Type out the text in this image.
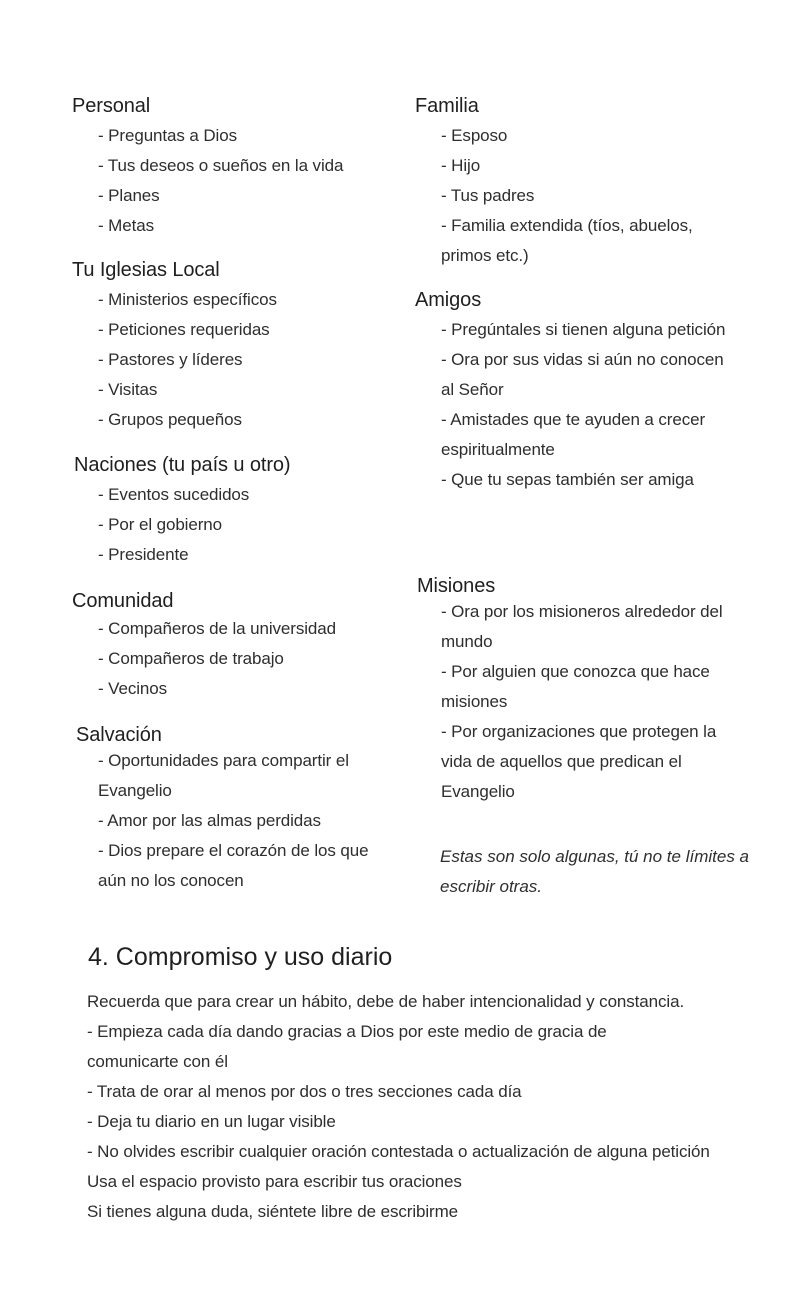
Personal
- Preguntas a Dios
- Tus deseos o sueños en la vida
- Planes
- Metas
Tu Iglesias Local
- Ministerios específicos
- Peticiones requeridas
- Pastores y líderes
- Visitas
- Grupos pequeños
Naciones (tu país u otro)
- Eventos sucedidos
- Por el gobierno
- Presidente
Comunidad
- Compañeros de la universidad
- Compañeros de trabajo
- Vecinos
Salvación
- Oportunidades para compartir el Evangelio
- Amor por las almas perdidas
- Dios prepare el corazón de los que aún no los conocen
Familia
- Esposo
- Hijo
- Tus padres
- Familia extendida (tíos, abuelos, primos etc.)
Amigos
- Pregúntales si tienen alguna petición
- Ora por sus vidas si aún no conocen al Señor
- Amistades que te ayuden a crecer espiritualmente
- Que tu sepas también ser amiga
Misiones
- Ora por los misioneros alrededor del mundo
- Por alguien que conozca que hace misiones
- Por organizaciones que protegen la vida de aquellos que predican el Evangelio
Estas son solo algunas, tú no te límites a escribir otras.
4. Compromiso y uso diario
Recuerda que para crear un hábito, debe de haber intencionalidad y constancia.
- Empieza cada día dando gracias a Dios por este medio de gracia de comunicarte con él
- Trata de orar al menos por dos o tres secciones cada día
- Deja tu diario en un lugar visible
- No olvides escribir cualquier oración contestada o actualización de alguna petición
Usa el espacio provisto para escribir tus oraciones
Si tienes alguna duda, siéntete libre de escribirme
